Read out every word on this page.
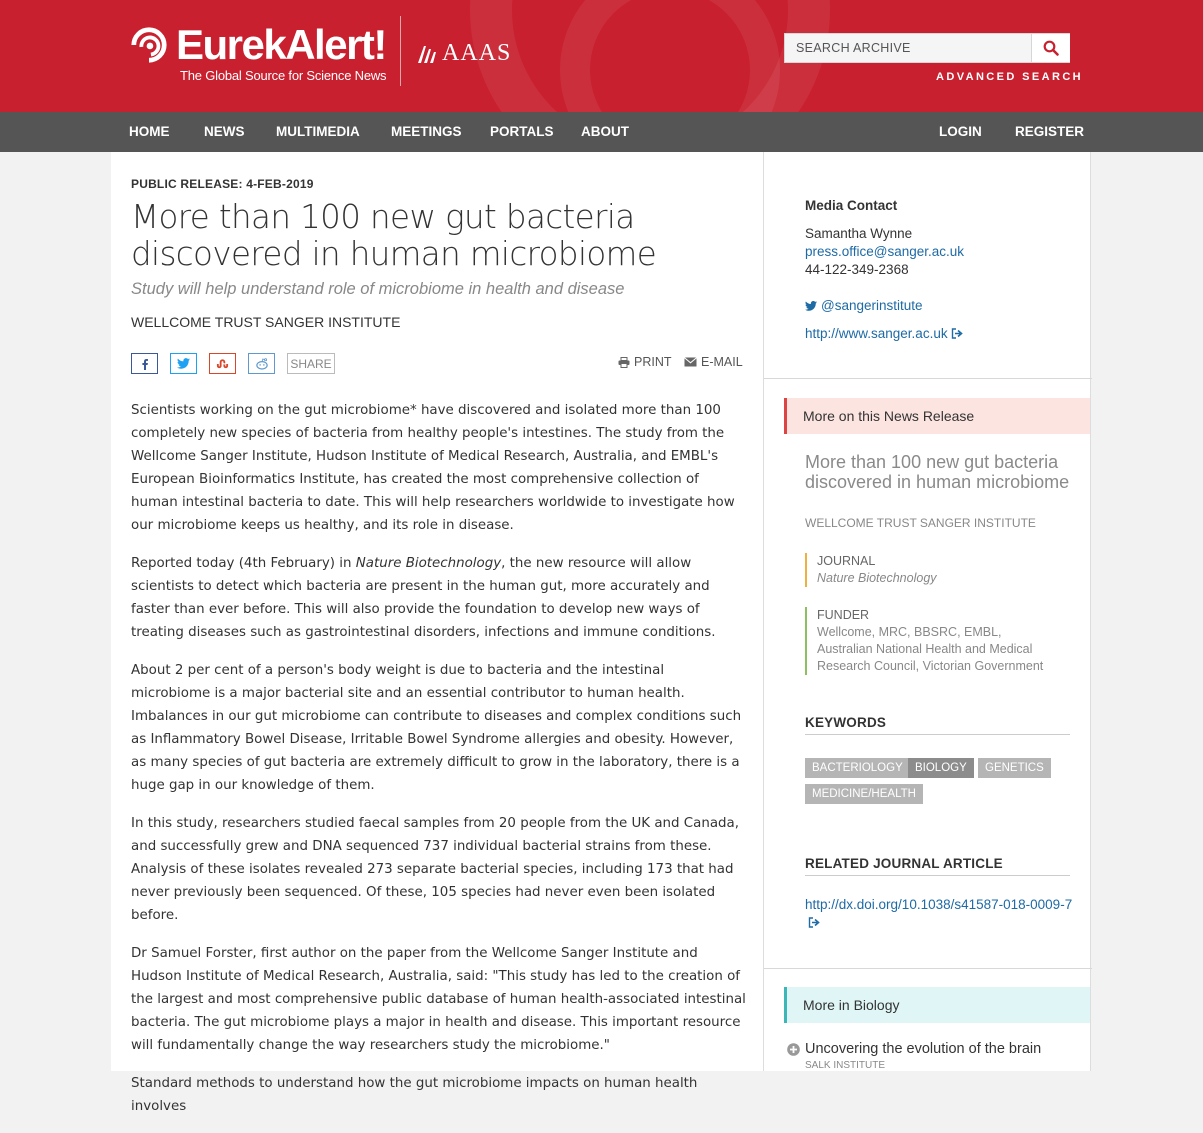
EurekAlert!
The Global Source for Science News
AAAS
SEARCH ARCHIVE
ADVANCED SEARCH
HOME	NEWS MULTIMEDIA MEETINGS PORTALS ABOUT	LOGIN REGISTER
PUBLIC RELEASE: 4-FEB-2019
More than 100 new gut bacteria discovered in human microbiome
Study will help understand role of microbiome in health and disease
WELLCOME TRUST SANGER INSTITUTE
SHARE	PRINT E-MAIL

Scientists working on the gut microbiome* have discovered and isolated more than 100 completely new species of bacteria from healthy people's intestines. The study from the Wellcome Sanger Institute, Hudson Institute of Medical Research, Australia, and EMBL's European Bioinformatics Institute, has created the most comprehensive collection of human intestinal bacteria to date. This will help researchers worldwide to investigate how our microbiome keeps us healthy, and its role in disease.

Reported today (4th February) in Nature Biotechnology, the new resource will allow scientists to detect which bacteria are present in the human gut, more accurately and faster than ever before. This will also provide the foundation to develop new ways of treating diseases such as gastrointestinal disorders, infections and immune conditions.

About 2 per cent of a person's body weight is due to bacteria and the intestinal microbiome is a major bacterial site and an essential contributor to human health. Imbalances in our gut microbiome can contribute to diseases and complex conditions such as Inflammatory Bowel Disease, Irritable Bowel Syndrome allergies and obesity. However, as many species of gut bacteria are extremely difficult to grow in the laboratory, there is a huge gap in our knowledge of them.

In this study, researchers studied faecal samples from 20 people from the UK and Canada, and successfully grew and DNA sequenced 737 individual bacterial strains from these. Analysis of these isolates revealed 273 separate bacterial species, including 173 that had never previously been sequenced. Of these, 105 species had never even been isolated before.

Dr Samuel Forster, first author on the paper from the Wellcome Sanger Institute and Hudson Institute of Medical Research, Australia, said: "This study has led to the creation of the largest and most comprehensive public database of human health-associated intestinal bacteria. The gut microbiome plays a major in health and disease. This important resource will fundamentally change the way researchers study the microbiome."

Standard methods to understand how the gut microbiome impacts on human health involves

Media Contact
Samantha Wynne
press.office@sanger.ac.uk
44-122-349-2368
@sangerinstitute
http://www.sanger.ac.uk
More on this News Release
More than 100 new gut bacteria discovered in human microbiome
WELLCOME TRUST SANGER INSTITUTE
JOURNAL
Nature Biotechnology
FUNDER
Wellcome, MRC, BBSRC, EMBL, Australian National Health and Medical Research Council, Victorian Government
KEYWORDS
BACTERIOLOGY	BIOLOGY	GENETICS
MEDICINE/HEALTH
RELATED JOURNAL ARTICLE
http://dx.doi.org/10.1038/s41587-018-0009-7
More in Biology
Uncovering the evolution of the brain
SALK INSTITUTE
